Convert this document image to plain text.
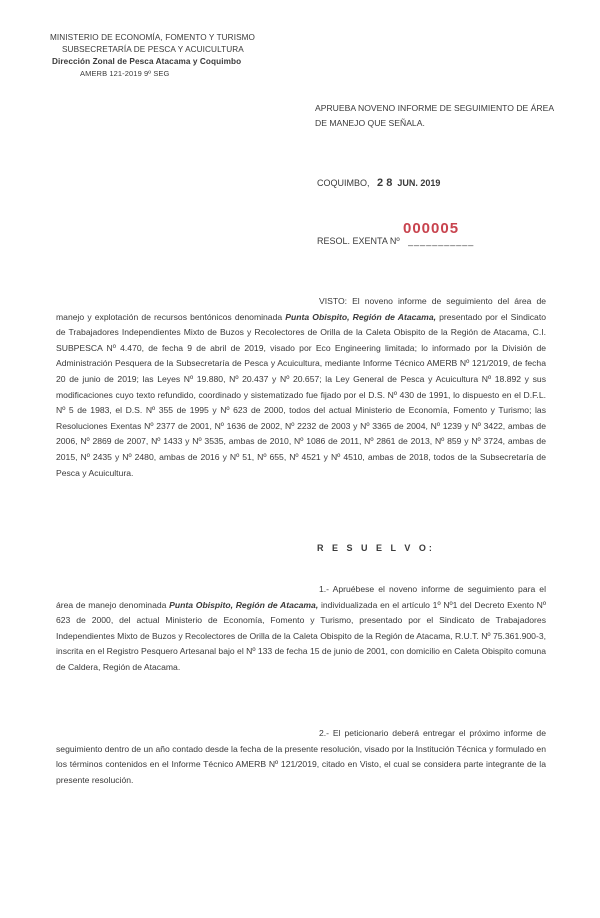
MINISTERIO DE ECONOMÍA, FOMENTO Y TURISMO
SUBSECRETARÍA DE PESCA Y ACUICULTURA
Dirección Zonal de Pesca Atacama y Coquimbo
AMERB 121-2019 9º SEG
APRUEBA NOVENO INFORME DE SEGUIMIENTO DE ÁREA DE MANEJO QUE SEÑALA.
COQUIMBO, 2 8 JUN. 2019
RESOL. EXENTA Nº ___________
000005
VISTO: El noveno informe de seguimiento del área de manejo y explotación de recursos bentónicos denominada Punta Obispito, Región de Atacama, presentado por el Sindicato de Trabajadores Independientes Mixto de Buzos y Recolectores de Orilla de la Caleta Obispito de la Región de Atacama, C.I. SUBPESCA Nº 4.470, de fecha 9 de abril de 2019, visado por Eco Engineering limitada; lo informado por la División de Administración Pesquera de la Subsecretaría de Pesca y Acuicultura, mediante Informe Técnico AMERB Nº 121/2019, de fecha 20 de junio de 2019; las Leyes Nº 19.880, Nº 20.437 y Nº 20.657; la Ley General de Pesca y Acuicultura Nº 18.892 y sus modificaciones cuyo texto refundido, coordinado y sistematizado fue fijado por el D.S. Nº 430 de 1991, lo dispuesto en el D.F.L. Nº 5 de 1983, el D.S. Nº 355 de 1995 y Nº 623 de 2000, todos del actual Ministerio de Economía, Fomento y Turismo; las Resoluciones Exentas Nº 2377 de 2001, Nº 1636 de 2002, Nº 2232 de 2003 y Nº 3365 de 2004, Nº 1239 y Nº 3422, ambas de 2006, Nº 2869 de 2007, Nº 1433 y Nº 3535, ambas de 2010, Nº 1086 de 2011, Nº 2861 de 2013, Nº 859 y Nº 3724, ambas de 2015, Nº 2435 y Nº 2480, ambas de 2016 y Nº 51, Nº 655, Nº 4521 y Nº 4510, ambas de 2018, todos de la Subsecretaría de Pesca y Acuicultura.
R E S U E L V O:
1.- Apruébese el noveno informe de seguimiento para el área de manejo denominada Punta Obispito, Región de Atacama, individualizada en el artículo 1º Nº1 del Decreto Exento Nº 623 de 2000, del actual Ministerio de Economía, Fomento y Turismo, presentado por el Sindicato de Trabajadores Independientes Mixto de Buzos y Recolectores de Orilla de la Caleta Obispito de la Región de Atacama, R.U.T. Nº 75.361.900-3, inscrita en el Registro Pesquero Artesanal bajo el Nº 133 de fecha 15 de junio de 2001, con domicilio en Caleta Obispito comuna de Caldera, Región de Atacama.
2.- El peticionario deberá entregar el próximo informe de seguimiento dentro de un año contado desde la fecha de la presente resolución, visado por la Institución Técnica y formulado en los términos contenidos en el Informe Técnico AMERB Nº 121/2019, citado en Visto, el cual se considera parte integrante de la presente resolución.
